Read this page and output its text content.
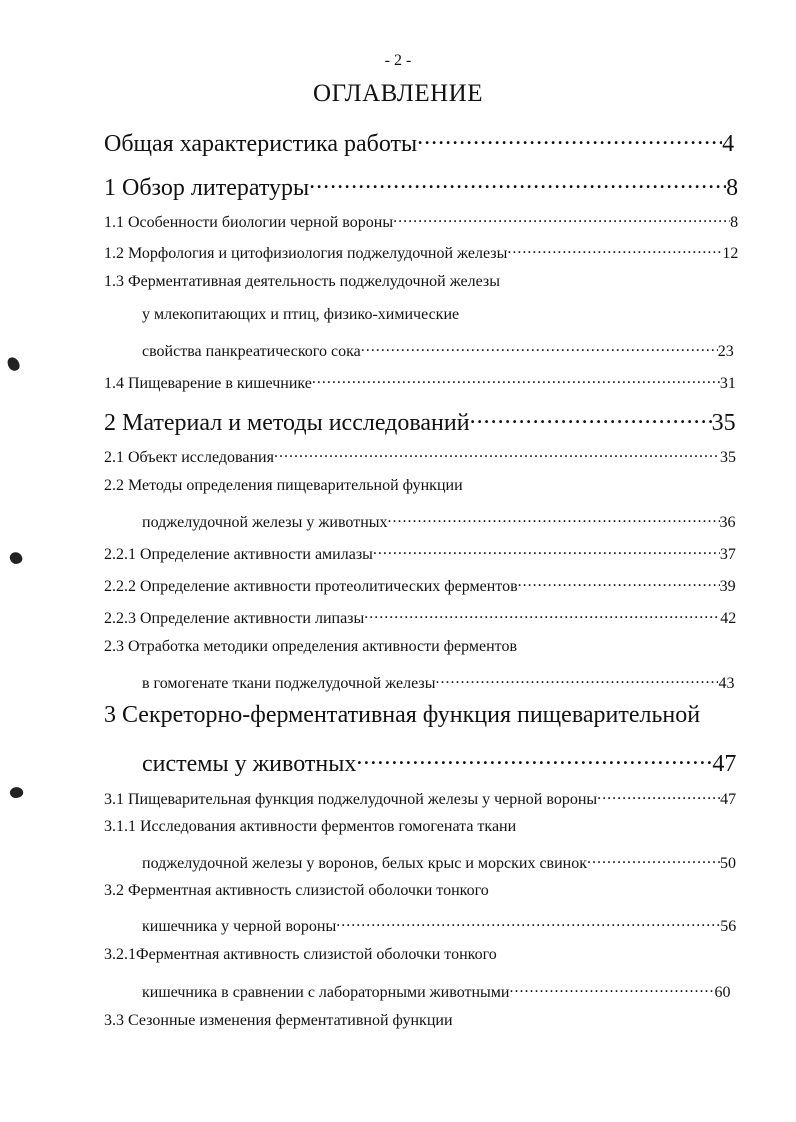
- 2 -
ОГЛАВЛЕНИЕ
Общая характеристика работы .....	4
1 Обзор литературы .....	8
1.1 Особенности биологии черной вороны .....	8
1.2 Морфология и цитофизиология поджелудочной железы .....	12
1.3 Ферментативная деятельность поджелудочной железы
у млекопитающих и птиц, физико-химические
свойства панкреатического сока .....	23
1.4 Пищеварение в кишечнике .....	31
2 Материал и методы исследований .....	35
2.1 Объект исследования .....	35
2.2 Методы определения пищеварительной функции
поджелудочной железы у животных .....	36
2.2.1 Определение активности амилазы .....	37
2.2.2 Определение активности протеолитических ферментов .....	39
2.2.3 Определение активности липазы .....	42
2.3 Отработка методики определения активности ферментов
в гомогенате ткани поджелудочной железы .....	43
3 Секреторно-ферментативная функция пищеварительной
системы у животных .....	47
3.1 Пищеварительная функция поджелудочной железы у черной вороны .....	47
3.1.1 Исследования активности ферментов гомогената ткани
поджелудочной железы у воронов, белых крыс и морских свинок .....	50
3.2 Ферментная активность слизистой оболочки тонкого
кишечника у черной вороны .....	56
3.2.1Ферментная активность слизистой оболочки тонкого
кишечника в сравнении с лабораторными животными .....	60
3.3 Сезонные изменения ферментативной функции
